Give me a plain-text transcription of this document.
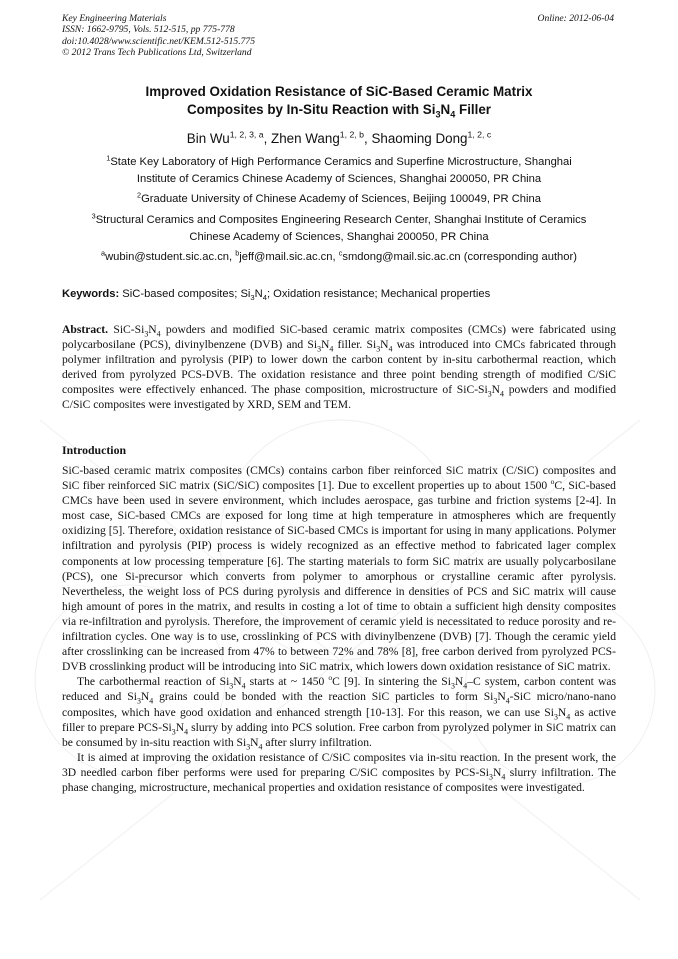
Key Engineering Materials
ISSN: 1662-9795, Vols. 512-515, pp 775-778
doi:10.4028/www.scientific.net/KEM.512-515.775
© 2012 Trans Tech Publications Ltd, Switzerland
Online: 2012-06-04
Improved Oxidation Resistance of SiC-Based Ceramic Matrix
Composites by In-Situ Reaction with $Si_3N_4$ Filler
Bin Wu$^{1, 2, 3, a}$, Zhen Wang$^{1, 2, b}$, Shaoming Dong$^{1, 2, c}$
$^1$State Key Laboratory of High Performance Ceramics and Superfine Microstructure, Shanghai
Institute of Ceramics Chinese Academy of Sciences, Shanghai 200050, PR China
$^2$Graduate University of Chinese Academy of Sciences, Beijing 100049, PR China
$^3$Structural Ceramics and Composites Engineering Research Center, Shanghai Institute of Ceramics
Chinese Academy of Sciences, Shanghai 200050, PR China
$^a$wubin@student.sic.ac.cn, $^b$jeff@mail.sic.ac.cn, $^c$smdong@mail.sic.ac.cn (corresponding author)
Keywords: SiC-based composites; $Si_3N_4$; Oxidation resistance; Mechanical properties

Abstract. SiC-$Si_3N_4$ powders and modified SiC-based ceramic matrix composites (CMCs) were fabricated using polycarbosilane (PCS), divinylbenzene (DVB) and $Si_3N_4$ filler. $Si_3N_4$ was introduced into CMCs fabricated through polymer infiltration and pyrolysis (PIP) to lower down the carbon content by in-situ carbothermal reaction, which derived from pyrolyzed PCS-DVB. The oxidation resistance and three point bending strength of modified C/SiC composites were effectively enhanced. The phase composition, microstructure of SiC-$Si_3N_4$ powders and modified C/SiC composites were investigated by XRD, SEM and TEM.

Introduction

SiC-based ceramic matrix composites (CMCs) contains carbon fiber reinforced SiC matrix (C/SiC) composites and SiC fiber reinforced SiC matrix (SiC/SiC) composites [1]. Due to excellent properties up to about 1500 $^o$C, SiC-based CMCs have been used in severe environment, which includes aerospace, gas turbine and friction systems [2-4]. In most case, SiC-based CMCs are exposed for long time at high temperature in atmospheres which are frequently oxidizing [5]. Therefore, oxidation resistance of SiC-based CMCs is important for using in many applications. Polymer infiltration and pyrolysis (PIP) process is widely recognized as an effective method to fabricated lager complex components at low processing temperature [6]. The starting materials to form SiC matrix are usually polycarbosilane (PCS), one Si-precursor which converts from polymer to amorphous or crystalline ceramic after pyrolysis. Nevertheless, the weight loss of PCS during pyrolysis and difference in densities of PCS and SiC matrix will cause high amount of pores in the matrix, and results in costing a lot of time to obtain a sufficient high density composites via re-infiltration and pyrolysis. Therefore, the improvement of ceramic yield is necessitated to reduce porosity and re-infiltration cycles. One way is to use, crosslinking of PCS with divinylbenzene (DVB) [7]. Though the ceramic yield after crosslinking can be increased from 47% to between 72% and 78% [8], free carbon derived from pyrolyzed PCS-DVB crosslinking product will be introducing into SiC matrix, which lowers down oxidation resistance of SiC matrix.

The carbothermal reaction of $Si_3N_4$ starts at ~ 1450 $^o$C [9]. In sintering the $Si_3N_4-C$ system, carbon content was reduced and $Si_3N_4$ grains could be bonded with the reaction SiC particles to form $Si_3N_4$-SiC micro/nano-nano composites, which have good oxidation and enhanced strength [10-13]. For this reason, we can use $Si_3N_4$ as active filler to prepare PCS-$Si_3N_4$ slurry by adding into PCS solution. Free carbon from pyrolyzed polymer in SiC matrix can be consumed by in-situ reaction with $Si_3N_4$ after slurry infiltration.

It is aimed at improving the oxidation resistance of C/SiC composites via in-situ reaction. In the present work, the 3D needled carbon fiber performs were used for preparing C/SiC composites by PCS-$Si_3N_4$ slurry infiltration. The phase changing, microstructure, mechanical properties and oxidation resistance of composites were investigated.
